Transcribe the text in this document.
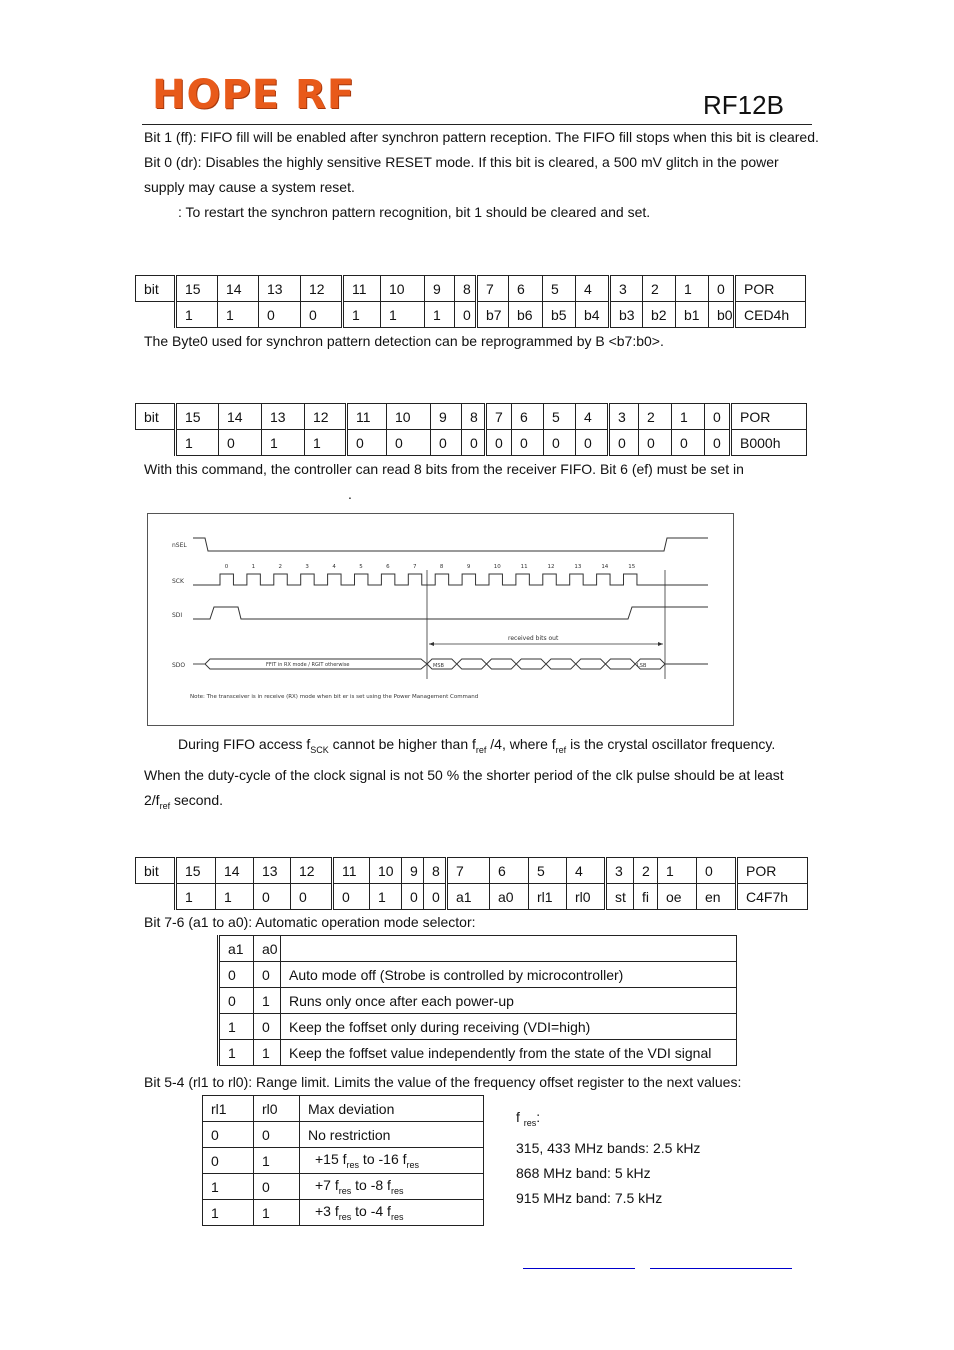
HOPE RF	RF12B

Bit 1 (ff): FIFO fill will be enabled after synchron pattern reception. The FIFO fill stops when this bit is cleared.

Bit 0 (dr): Disables the highly sensitive RESET mode. If this bit is cleared, a 500 mV glitch in the power supply may cause a system reset.

: To restart the synchron pattern recognition, bit 1 should be cleared and set.

bit	15	14	13	12	11	10	9	8	7	6	5	4	3	2	1	0	POR
	1	1	0	0	1	1	1	0	b7	b6	b5	b4	b3	b2	b1	b0	CED4h
The Byte0 used for synchron pattern detection can be reprogrammed by B <b7:b0>.
bit	15	14	13	12	11	10	9	8	7	6	5	4	3	2	1	0	POR
	1	0	1	1	0	0	0	0	0	0	0	0	0	0	0	0	B000h
With this command, the controller can read 8 bits from the receiver FIFO. Bit 6 (ef) must be set in
.
nSEL
SCK
SDI
SDO
0	1	2	3	4	5	6	7	8	9	10	11	12	13	14	15
received bits out
FFIT in RX mode / RGIT otherwise	MSB	LSB
Note: The transceiver is in receive (RX) mode when bit er is set using the Power Management Command

During FIFO access $f_{SCK}$ cannot be higher than $f_{ref}$ /4, where $f_{ref}$ is the crystal oscillator frequency.

When the duty-cycle of the clock signal is not 50 % the shorter period of the clk pulse should be at least

$2/f_{ref}$ second.

bit	15	14	13	12	11	10	9	8	7	6	5	4	3	2	1	0	POR
	1	1	0	0	0	1	0	0	a1	a0	rl1	rl0	st	fi	oe	en	C4F7h
Bit 7-6 (a1 to a0): Automatic operation mode selector:
a1	a0	
0	0	Auto mode off (Strobe is controlled by microcontroller)
0	1	Runs only once after each power-up
1	0	Keep the foffset only during receiving (VDI=high)
1	1	Keep the foffset value independently from the state of the VDI signal
Bit 5-4 (rl1 to rl0): Range limit. Limits the value of the frequency offset register to the next values:
rl1	rl0	Max deviation
0	0	No restriction
0	1	+15 $f_{res}$ to -16 $f_{res}$
1	0	+7 $f_{res}$ to -8 $f_{res}$
1	1	+3 $f_{res}$ to -4 $f_{res}$

f $_{res}$:

315, 433 MHz bands: 2.5 kHz

868 MHz band: 5 kHz

915 MHz band: 7.5 kHz
